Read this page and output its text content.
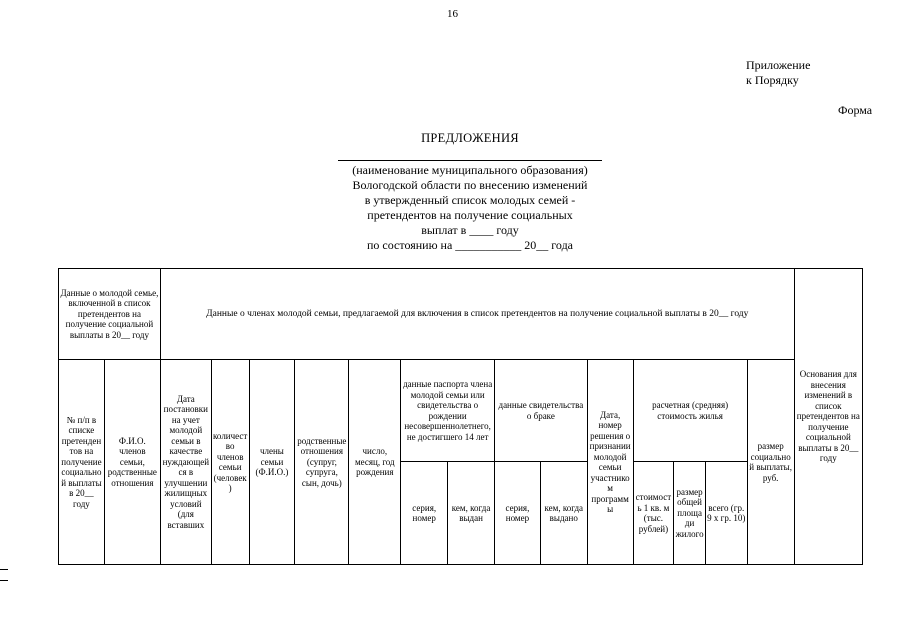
16
Приложение
к Порядку
Форма
ПРЕДЛОЖЕНИЯ
(наименование муниципального образования)
Вологодской области по внесению изменений
в утвержденный список молодых семей -
претендентов на получение социальных
выплат в ____ году
по состоянию на ___________ 20__ года
Данные о молодой семье, включенной в список претендентов на получение социальной выплаты в 20__ году		Данные о членах молодой семьи, предлагаемой для включения в список претендентов на получение социальной выплаты в 20__ году														Основания для внесения изменений в список претендентов на получение социальной выплаты в 20__ году
№ п/п в списке претендентов на получение социальной выплаты в 20__ году	Ф.И.О. членов семьи, родственные отношения	Дата постановки на учет молодой семьи в качестве нуждающейся в улучшении жилищных условий (для вставших	количество членов семьи (человек)	члены семьи (Ф.И.О.)	родственные отношения (супруг, супруга, сын, дочь)	число, месяц, год рождения	данные паспорта члена молодой семьи или свидетельства о рождении несовершеннолетнего, не достигшего 14 лет		данные свидетельства о браке		Дата, номер решения о признании молодой семьи участником программы	расчетная (средняя) стоимость жилья			размер социальной выплаты, руб.	

							серия, номер	кем, когда выдан	серия, номер	кем, когда выдано		стоимость 1 кв. м (тыс. рублей)	размер общей площади жилого	всего (гр. 9 х гр. 10)		
